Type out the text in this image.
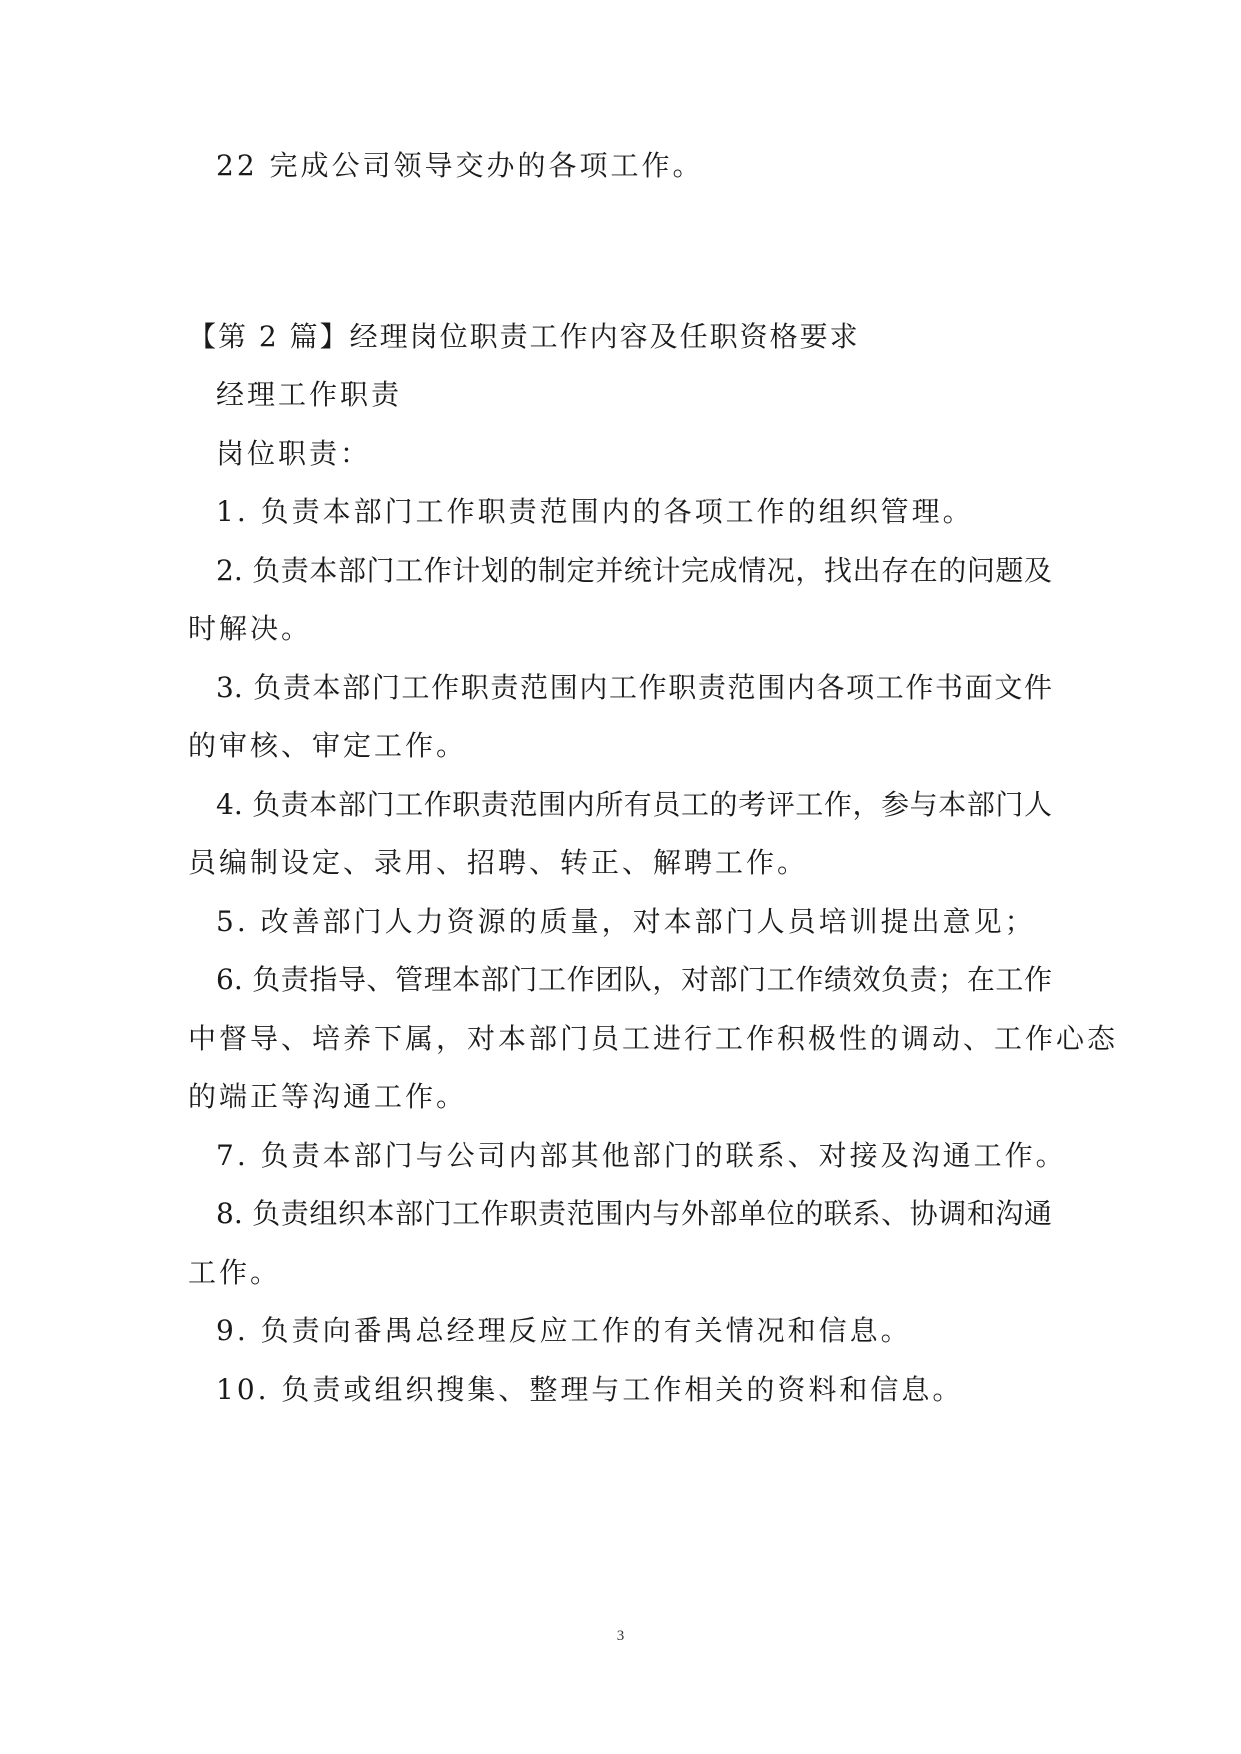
22 完成公司领导交办的各项工作。
【第 2 篇】经理岗位职责工作内容及任职资格要求
经理工作职责
岗位职责：
1. 负责本部门工作职责范围内的各项工作的组织管理。
2. 负责本部门工作计划的制定并统计完成情况，找出存在的问题及
时解决。
3. 负责本部门工作职责范围内工作职责范围内各项工作书面文件
的审核、审定工作。
4. 负责本部门工作职责范围内所有员工的考评工作，参与本部门人
员编制设定、录用、招聘、转正、解聘工作。
5. 改善部门人力资源的质量，对本部门人员培训提出意见；
6. 负责指导、管理本部门工作团队，对部门工作绩效负责；在工作
中督导、培养下属，对本部门员工进行工作积极性的调动、工作心态
的端正等沟通工作。
7. 负责本部门与公司内部其他部门的联系、对接及沟通工作。
8. 负责组织本部门工作职责范围内与外部单位的联系、协调和沟通
工作。
9. 负责向番禺总经理反应工作的有关情况和信息。
10. 负责或组织搜集、整理与工作相关的资料和信息。
3
